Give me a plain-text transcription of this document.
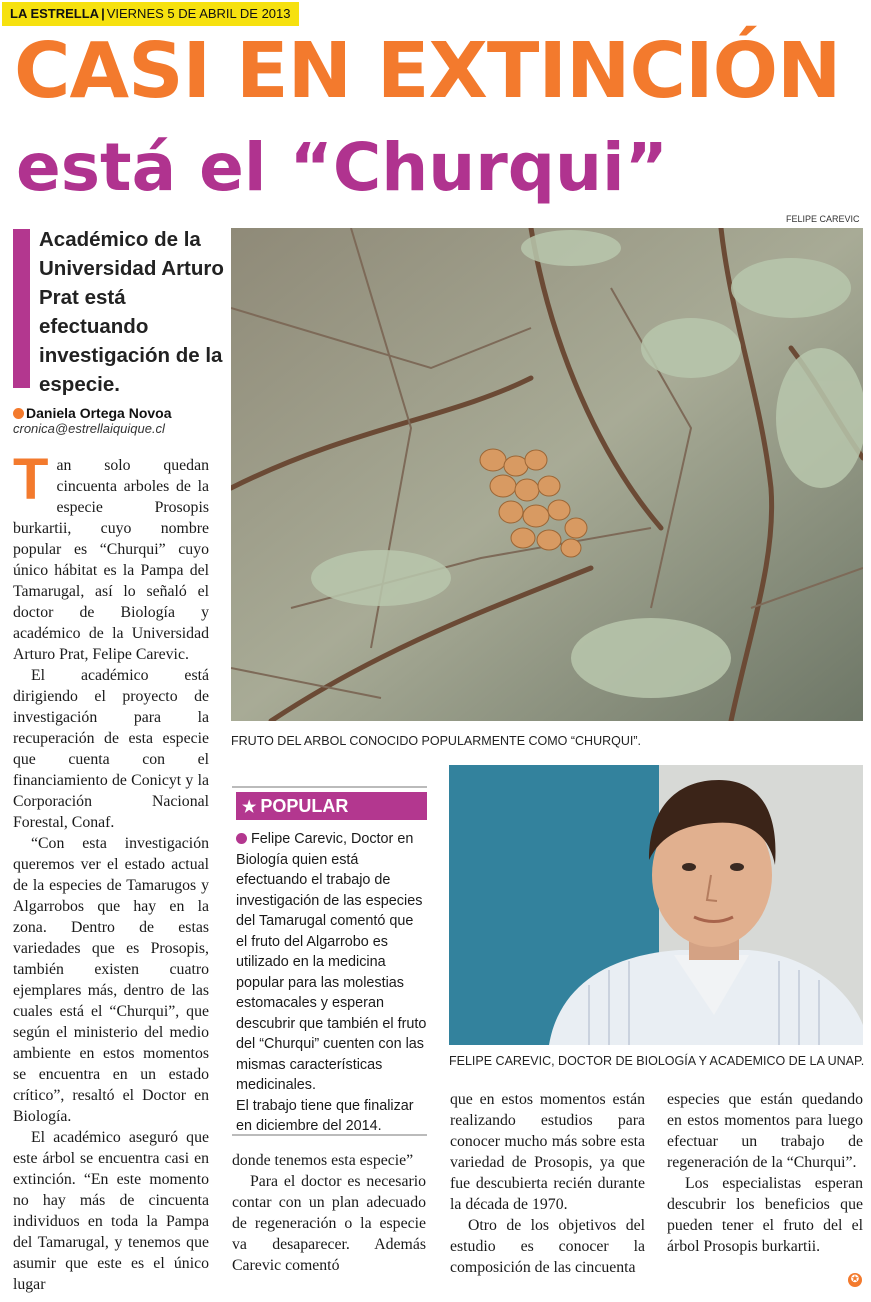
LA ESTRELLA | VIERNES 5 DE ABRIL DE 2013
CASI EN EXTINCIÓN
está el “Churqui”
Académico de la Universidad Arturo Prat está efectuando investigación de la especie.
Daniela Ortega Novoa
cronica@estrellaiquique.cl

Tan solo quedan cincuenta arboles de la especie Prosopis burkartii, cuyo nombre popular es “Churqui” cuyo único hábitat es la Pampa del Tamarugal, así lo señaló el doctor de Biología y académico de la Universidad Arturo Prat, Felipe Carevic.

El académico está dirigiendo el proyecto de investigación para la recuperación de esta especie que cuenta con el financiamiento de Conicyt y la Corporación Nacional Forestal, Conaf.

“Con esta investigación queremos ver el estado actual de la especies de Tamarugos y Algarrobos que hay en la zona. Dentro de estas variedades que es Prosopis, también existen cuatro ejemplares más, dentro de las cuales está el “Churqui”, que según el ministerio del medio ambiente en estos momentos se encuentra en un estado crítico”, resaltó el Doctor en Biología.

El académico aseguró que este árbol se encuentra casi en extinción. “En este momento no hay más de cincuenta individuos en toda la Pampa del Tamarugal, y tenemos que asumir que este es el único lugar

FELIPE CAREVIC
FRUTO DEL ARBOL CONOCIDO POPULARMENTE COMO “CHURQUI”.
★ POPULAR

Felipe Carevic, Doctor en Biología quien está efectuando el trabajo de investigación de las especies del Tamarugal comentó que el fruto del Algarrobo es utilizado en la medicina popular para las molestias estomacales y esperan descubrir que también el fruto del “Churqui” cuenten con las mismas características medicinales.

El trabajo tiene que finalizar en diciembre del 2014.

FELIPE CAREVIC, DOCTOR DE BIOLOGÍA Y ACADEMICO DE LA UNAP.

donde tenemos esta especie”

Para el doctor es necesario contar con un plan adecuado de regeneración o la especie va desaparecer. Además Carevic comentó

que en estos momentos están realizando estudios para conocer mucho más sobre esta variedad de Prosopis, ya que fue descubierta recién durante la década de 1970.

Otro de los objetivos del estudio es conocer la composición de las cincuenta

especies que están quedando en estos momentos para luego efectuar un trabajo de regeneración de la “Churqui”.

Los especialistas esperan descubrir los beneficios que pueden tener el fruto del el árbol Prosopis burkartii.

✪
